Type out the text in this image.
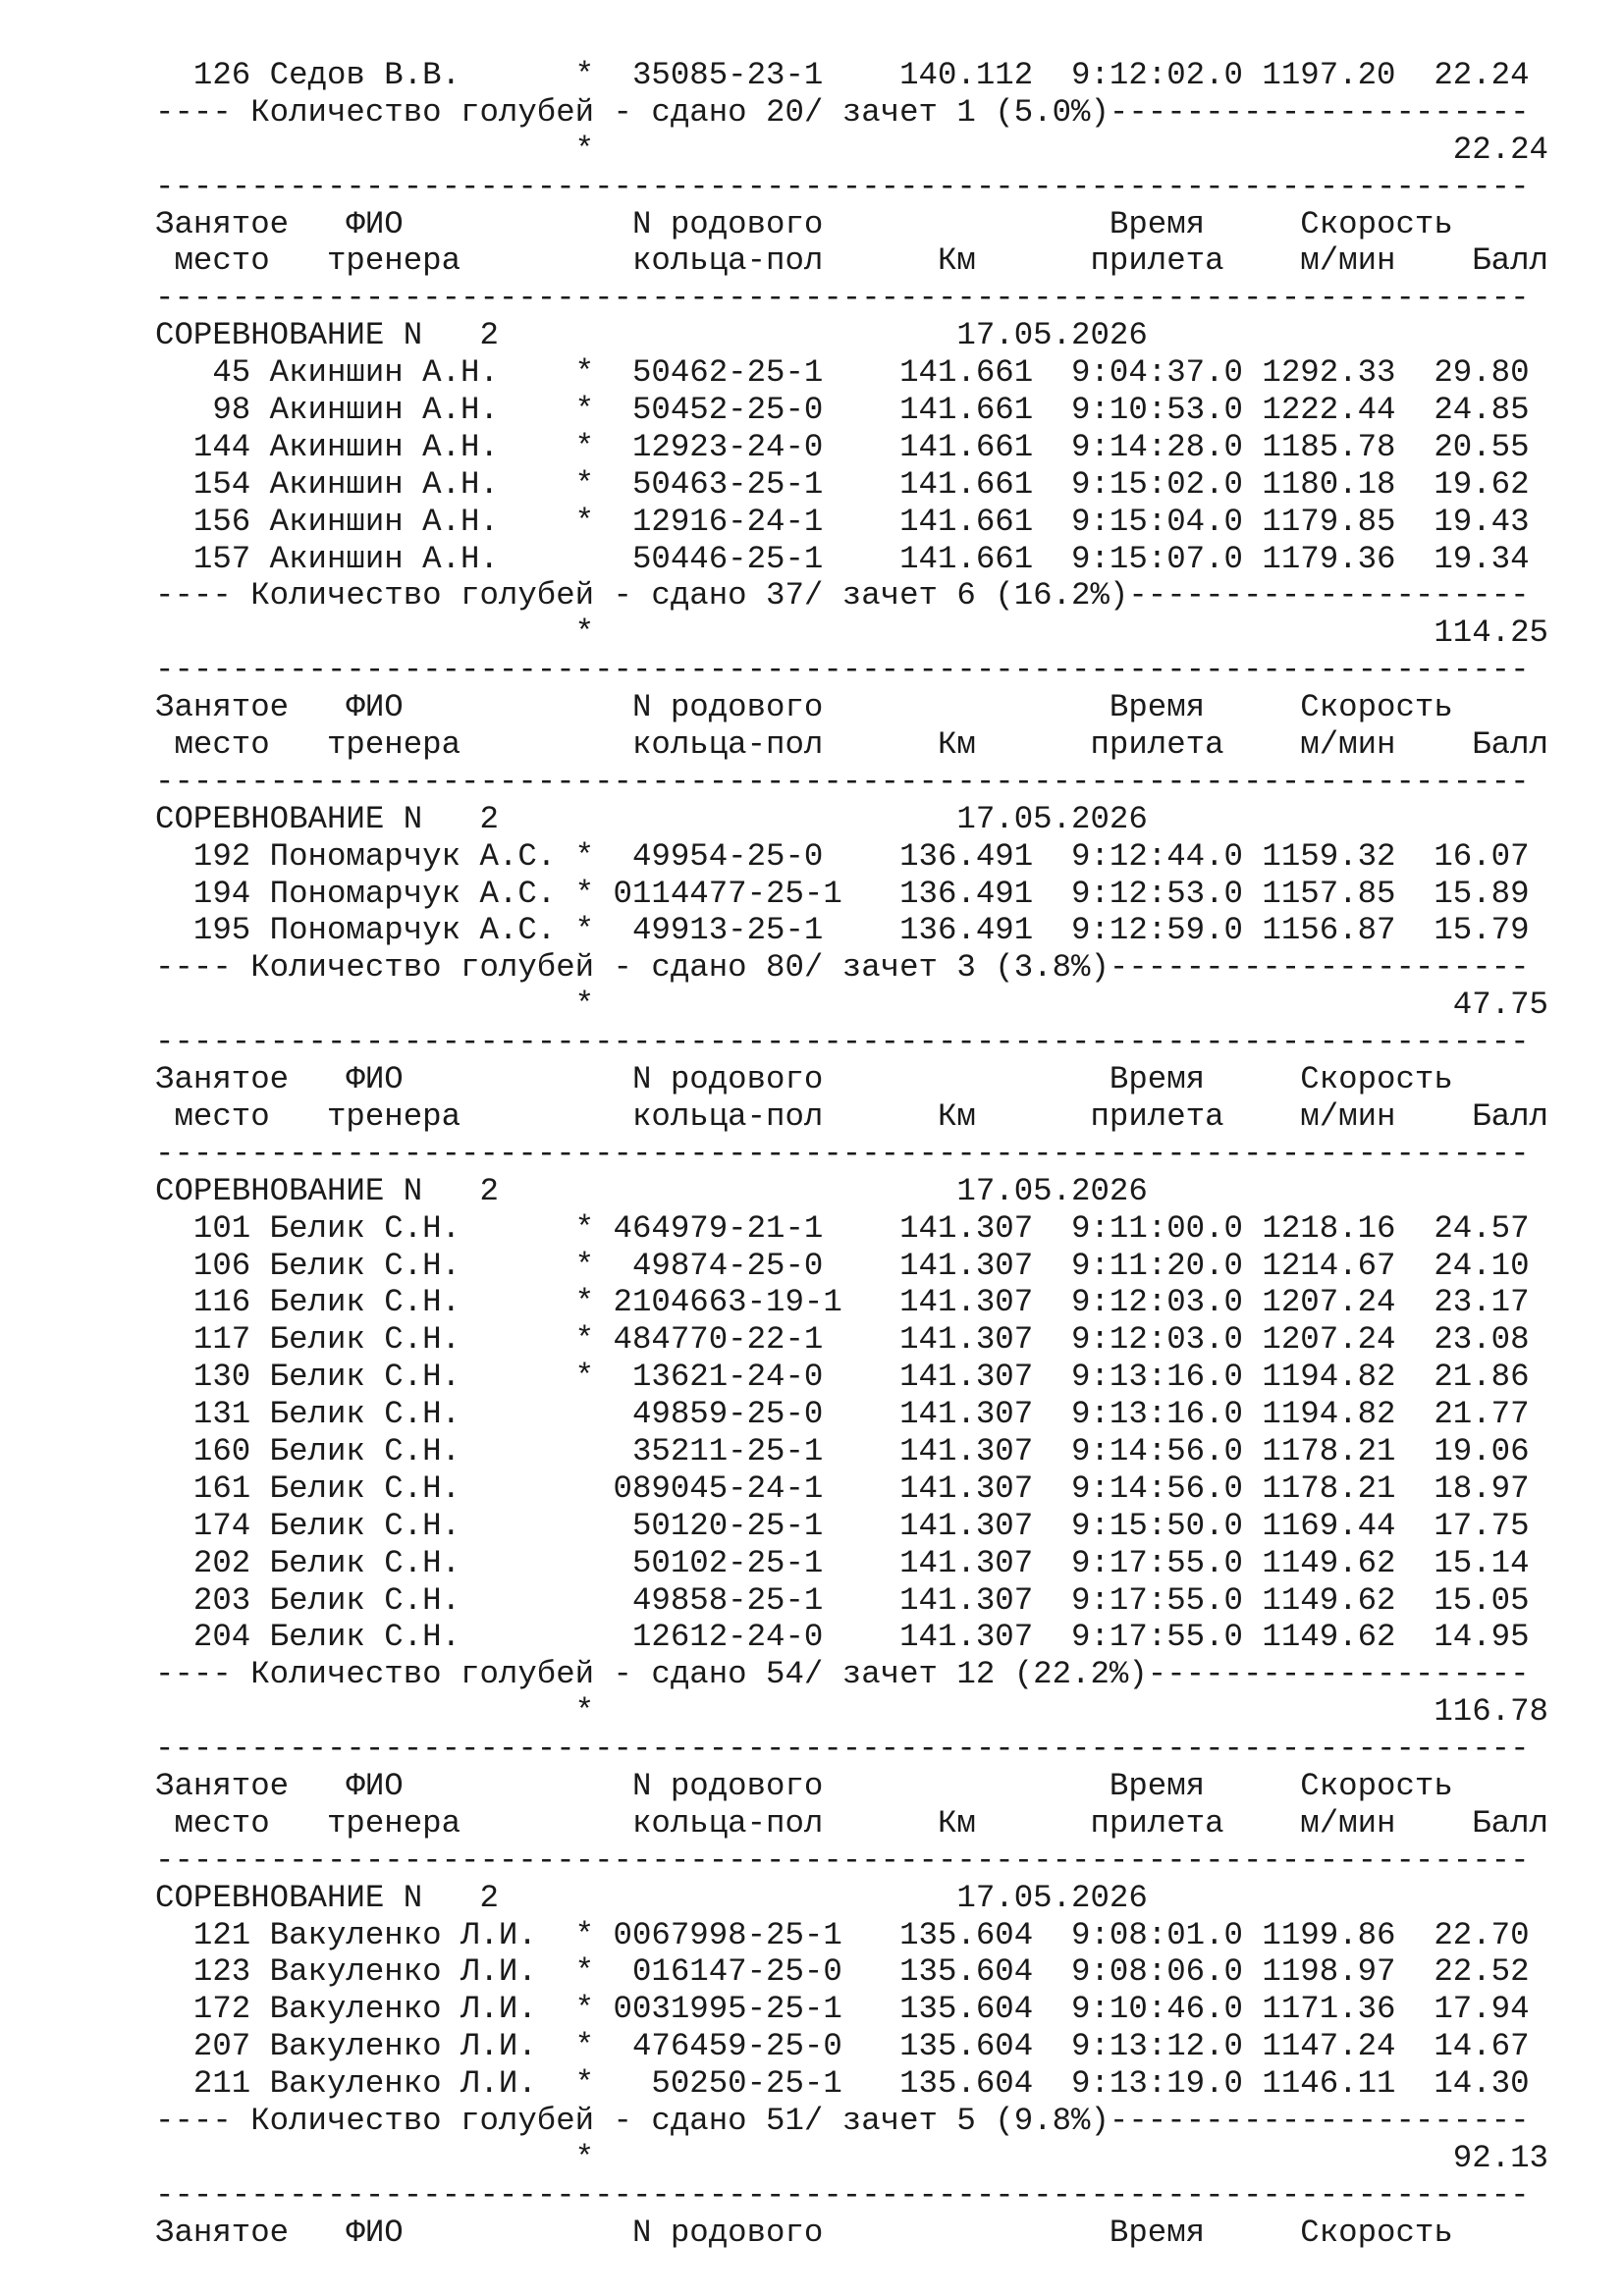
126 Седов В.В.      *  35085-23-1    140.112  9:12:02.0 1197.20  22.24
---- Количество голубей - сдано 20/ зачет 1 (5.0%)----------------------
*                                             22.24
------------------------------------------------------------------------
Занятое   ФИО            N родового               Время     Скорость
место   тренера         кольца-пол      Км      прилета    м/мин    Балл
------------------------------------------------------------------------
СОРЕВНОВАНИЕ N   2                        17.05.2026
45 Акиншин А.Н.    *  50462-25-1    141.661  9:04:37.0 1292.33  29.80
98 Акиншин А.Н.    *  50452-25-0    141.661  9:10:53.0 1222.44  24.85
144 Акиншин А.Н.    *  12923-24-0    141.661  9:14:28.0 1185.78  20.55
154 Акиншин А.Н.    *  50463-25-1    141.661  9:15:02.0 1180.18  19.62
156 Акиншин А.Н.    *  12916-24-1    141.661  9:15:04.0 1179.85  19.43
157 Акиншин А.Н.       50446-25-1    141.661  9:15:07.0 1179.36  19.34
---- Количество голубей - сдано 37/ зачет 6 (16.2%)---------------------
*                                            114.25
------------------------------------------------------------------------
Занятое   ФИО            N родового               Время     Скорость
место   тренера         кольца-пол      Км      прилета    м/мин    Балл
------------------------------------------------------------------------
СОРЕВНОВАНИЕ N   2                        17.05.2026
192 Пономарчук А.С. *  49954-25-0    136.491  9:12:44.0 1159.32  16.07
194 Пономарчук А.С. * 0114477-25-1   136.491  9:12:53.0 1157.85  15.89
195 Пономарчук А.С. *  49913-25-1    136.491  9:12:59.0 1156.87  15.79
---- Количество голубей - сдано 80/ зачет 3 (3.8%)----------------------
*                                             47.75
------------------------------------------------------------------------
Занятое   ФИО            N родового               Время     Скорость
место   тренера         кольца-пол      Км      прилета    м/мин    Балл
------------------------------------------------------------------------
СОРЕВНОВАНИЕ N   2                        17.05.2026
101 Белик С.Н.      * 464979-21-1    141.307  9:11:00.0 1218.16  24.57
106 Белик С.Н.      *  49874-25-0    141.307  9:11:20.0 1214.67  24.10
116 Белик С.Н.      * 2104663-19-1   141.307  9:12:03.0 1207.24  23.17
117 Белик С.Н.      * 484770-22-1    141.307  9:12:03.0 1207.24  23.08
130 Белик С.Н.      *  13621-24-0    141.307  9:13:16.0 1194.82  21.86
131 Белик С.Н.         49859-25-0    141.307  9:13:16.0 1194.82  21.77
160 Белик С.Н.         35211-25-1    141.307  9:14:56.0 1178.21  19.06
161 Белик С.Н.        089045-24-1    141.307  9:14:56.0 1178.21  18.97
174 Белик С.Н.         50120-25-1    141.307  9:15:50.0 1169.44  17.75
202 Белик С.Н.         50102-25-1    141.307  9:17:55.0 1149.62  15.14
203 Белик С.Н.         49858-25-1    141.307  9:17:55.0 1149.62  15.05
204 Белик С.Н.         12612-24-0    141.307  9:17:55.0 1149.62  14.95
---- Количество голубей - сдано 54/ зачет 12 (22.2%)--------------------
*                                            116.78
------------------------------------------------------------------------
Занятое   ФИО            N родового               Время     Скорость
место   тренера         кольца-пол      Км      прилета    м/мин    Балл
------------------------------------------------------------------------
СОРЕВНОВАНИЕ N   2                        17.05.2026
121 Вакуленко Л.И.  * 0067998-25-1   135.604  9:08:01.0 1199.86  22.70
123 Вакуленко Л.И.  *  016147-25-0   135.604  9:08:06.0 1198.97  22.52
172 Вакуленко Л.И.  * 0031995-25-1   135.604  9:10:46.0 1171.36  17.94
207 Вакуленко Л.И.  *  476459-25-0   135.604  9:13:12.0 1147.24  14.67
211 Вакуленко Л.И.  *   50250-25-1   135.604  9:13:19.0 1146.11  14.30
---- Количество голубей - сдано 51/ зачет 5 (9.8%)----------------------
*                                             92.13
------------------------------------------------------------------------
Занятое   ФИО            N родового               Время     Скорость
